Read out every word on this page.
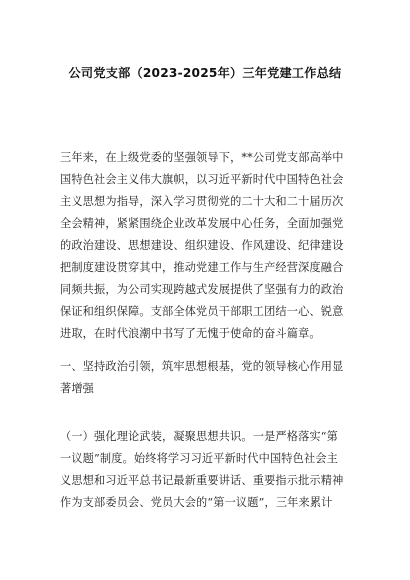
公司党支部（2023-2025年）三年党建工作总结
三年来，在上级党委的坚强领导下，**公司党支部高举中
国特色社会主义伟大旗帜，以习近平新时代中国特色社会
主义思想为指导，深入学习贯彻党的二十大和二十届历次
全会精神，紧紧围绕企业改革发展中心任务，全面加强党
的政治建设、思想建设、组织建设、作风建设、纪律建设
把制度建设贯穿其中，推动党建工作与生产经营深度融合
同频共振，为公司实现跨越式发展提供了坚强有力的政治
保证和组织保障。支部全体党员干部职工团结一心、锐意
进取，在时代浪潮中书写了无愧于使命的奋斗篇章。
一、坚持政治引领，筑牢思想根基，党的领导核心作用显
著增强
（一）强化理论武装，凝聚思想共识。一是严格落实“第
一议题”制度。始终将学习习近平新时代中国特色社会主
义思想和习近平总书记最新重要讲话、重要指示批示精神
作为支部委员会、党员大会的“第一议题”，三年来累计
